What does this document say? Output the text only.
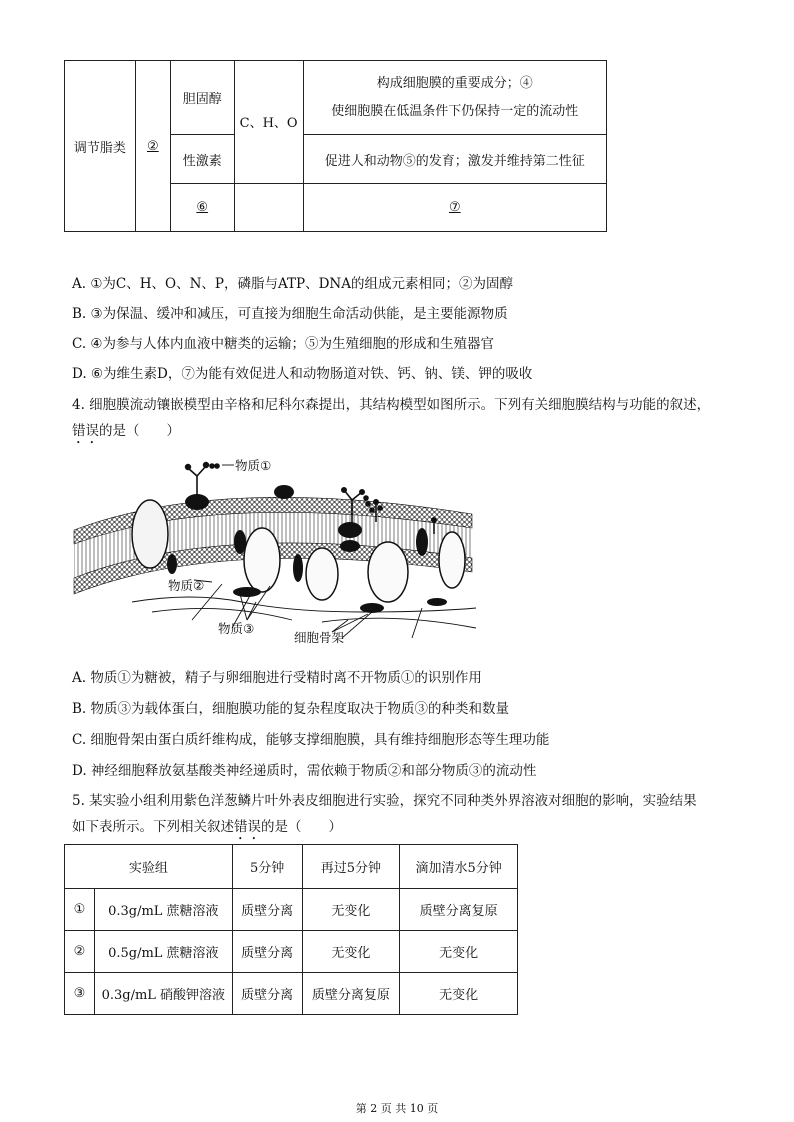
调节脂类	②	胆固醇	C、H、O	构成细胞膜的重要成分；④
使细胞膜在低温条件下仍保持一定的流动性

		性激素		促进人和动物⑤的发育；激发并维持第二性征
		⑥		⑦
A. ①为C、H、O、N、P，磷脂与ATP、DNA的组成元素相同；②为固醇
B. ③为保温、缓冲和减压，可直接为细胞生命活动供能，是主要能源物质
C. ④为参与人体内血液中糖类的运输；⑤为生殖细胞的形成和生殖器官
D. ⑥为维生素D，⑦为能有效促进人和动物肠道对铁、钙、钠、镁、钾的吸收
4. 细胞膜流动镶嵌模型由辛格和尼科尔森提出，其结构模型如图所示。下列有关细胞膜结构与功能的叙述，
错误的是（　　）
物质①
物质②
物质③
细胞骨架
A. 物质①为糖被，精子与卵细胞进行受精时离不开物质①的识别作用
B. 物质③为载体蛋白，细胞膜功能的复杂程度取决于物质③的种类和数量
C. 细胞骨架由蛋白质纤维构成，能够支撑细胞膜，具有维持细胞形态等生理功能
D. 神经细胞释放氨基酸类神经递质时，需依赖于物质②和部分物质③的流动性
5. 某实验小组利用紫色洋葱鳞片叶外表皮细胞进行实验，探究不同种类外界溶液对细胞的影响，实验结果
如下表所示。下列相关叙述错误的是（　　）
实验组		5分钟	再过5分钟	滴加清水5分钟
①	0.3g/mL 蔗糖溶液	质壁分离	无变化	质壁分离复原
②	0.5g/mL 蔗糖溶液	质壁分离	无变化	无变化
③	0.3g/mL 硝酸钾溶液	质壁分离	质壁分离复原	无变化
第 2 页 共 10 页
